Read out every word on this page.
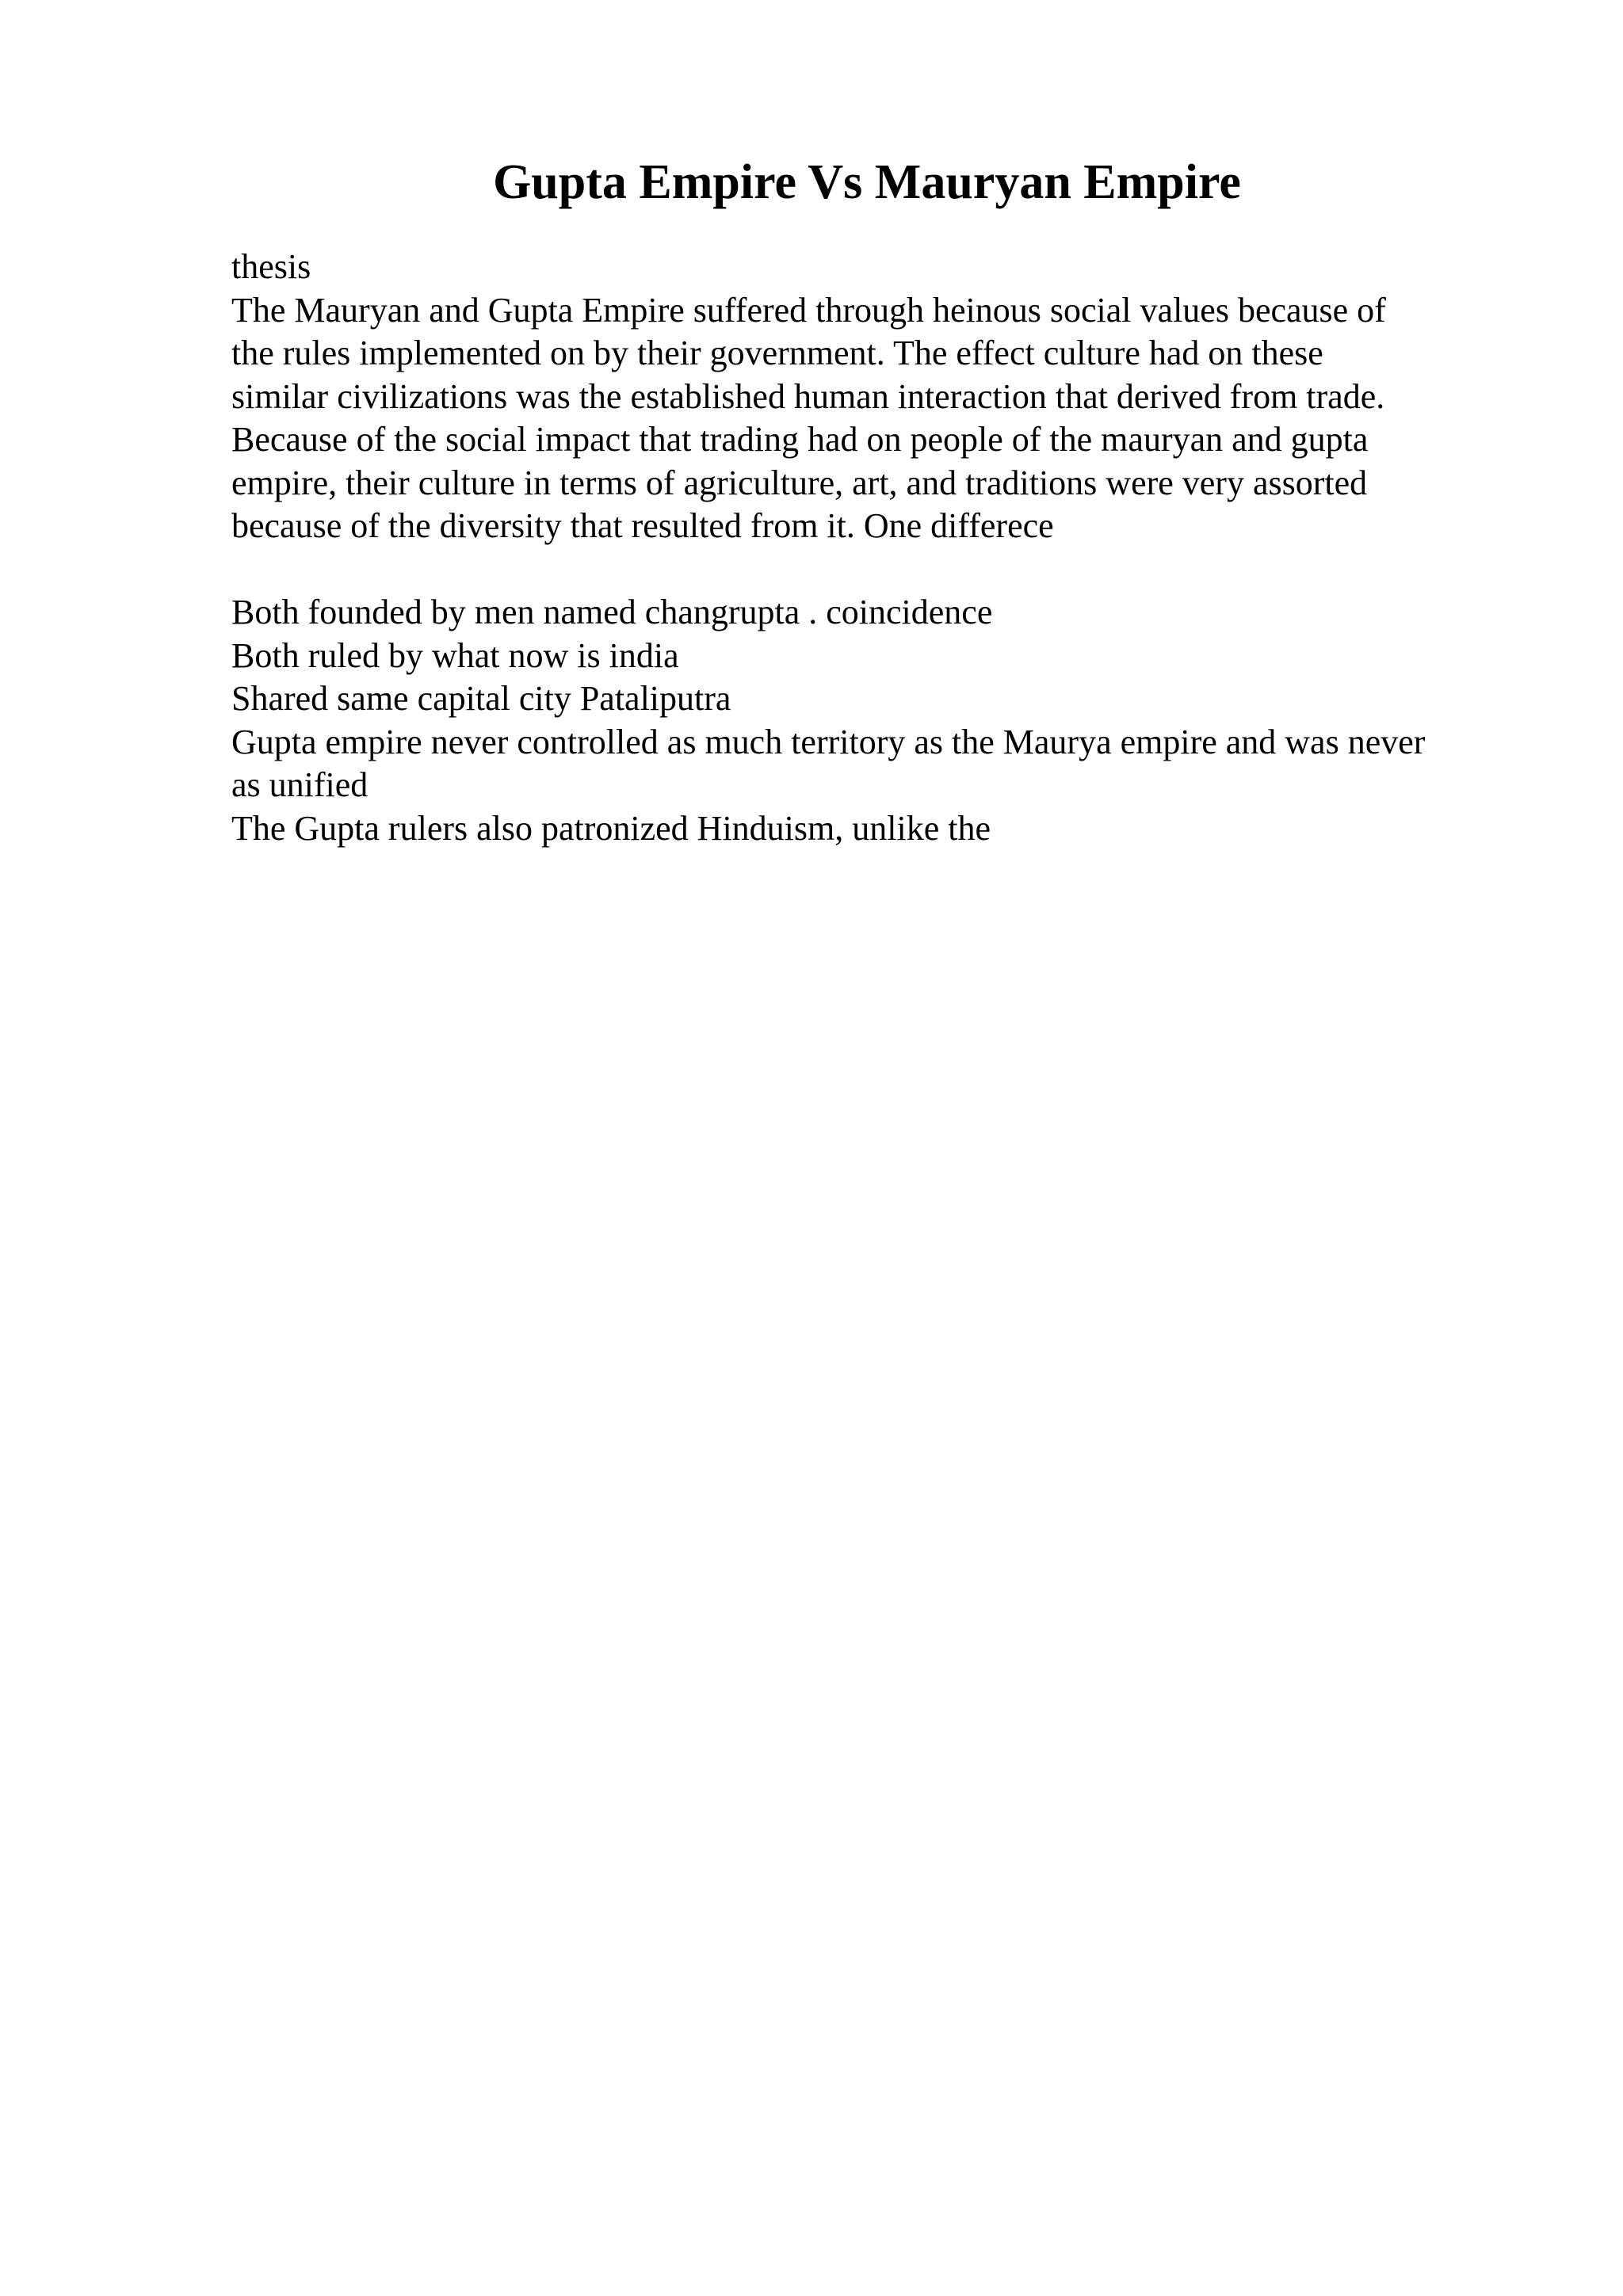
Gupta Empire Vs Mauryan Empire
thesis
The Mauryan and Gupta Empire suffered through heinous social values because of
the rules implemented on by their government. The effect culture had on these
similar civilizations was the established human interaction that derived from trade.
Because of the social impact that trading had on people of the mauryan and gupta
empire, their culture in terms of agriculture, art, and traditions were very assorted
because of the diversity that resulted from it. One differece
Both founded by men named changrupta . coincidence
Both ruled by what now is india
Shared same capital city Pataliputra
Gupta empire never controlled as much territory as the Maurya empire and was never
as unified
The Gupta rulers also patronized Hinduism, unlike the
